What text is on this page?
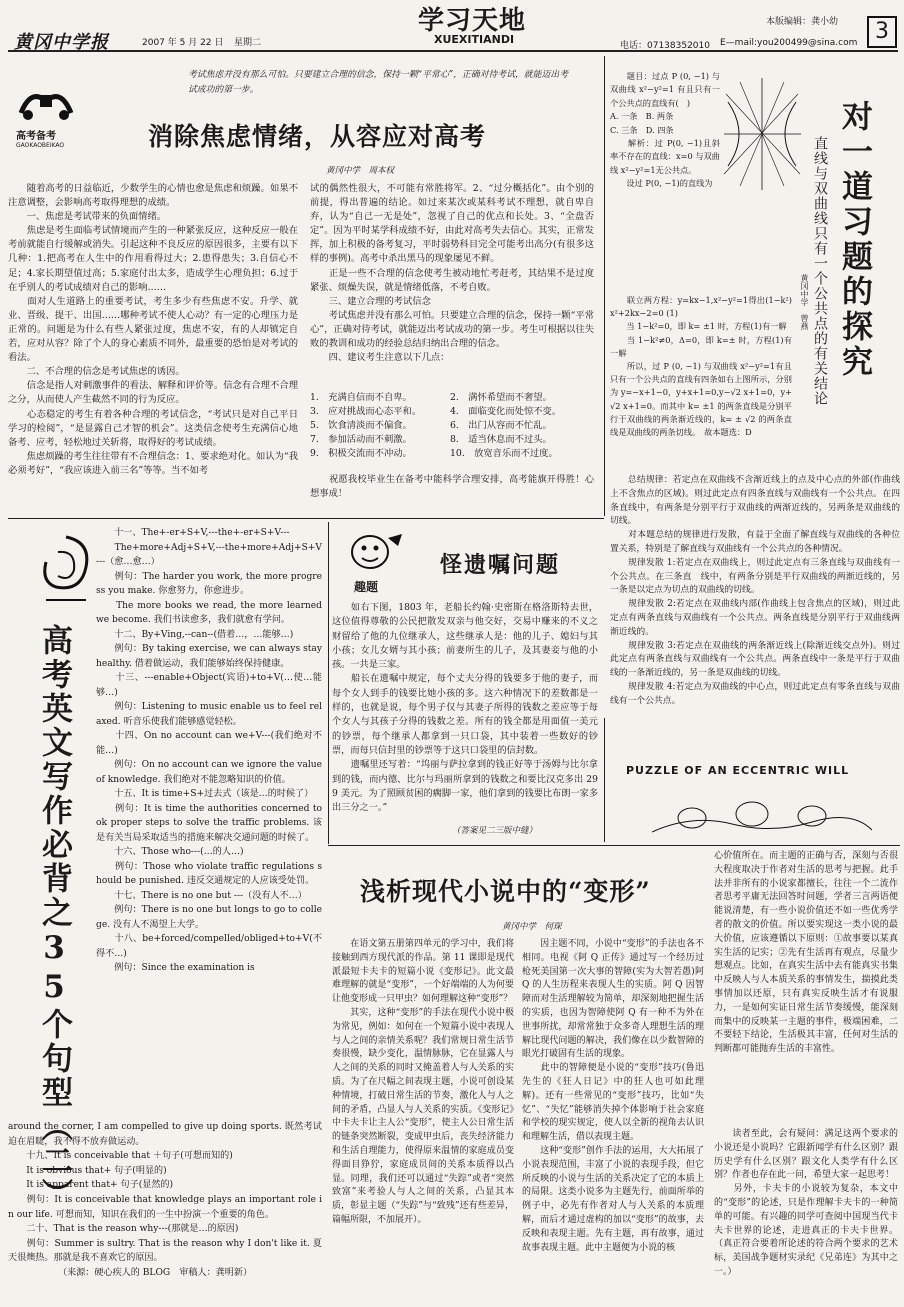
黄冈中学报	2007 年 5 月 22 日 星期二
学习天地
XUEXITIANDI
本版编辑：龚小幼
电话：07138352010 E—mail:you200499@sina.com 3
高考备考
GAOKAOBEIKAO
考试焦虑并没有那么可怕。只要建立合理的信念，保持一颗“平常心”，正确对待考试，就能迈出考试成功的第一步。
消除焦虑情绪，从容应对高考
黄冈中学　周本权
　　随着高考的日益临近，少数学生的心情也愈是焦虑和烦躁。如果不注意调整，会影响高考取得理想的成绩。
　　一、焦虑是考试带来的负面情绪。
　　焦虑是考生面临考试情境而产生的一种紧张反应，这种反应一般在考前就能自行缓解或消失。引起这种不良反应的原因很多，主要有以下几种：1.把高考在人生中的作用看得过大；2.患得患失；3.自信心不足；4.家长期望值过高；5.家庭付出太多，造成学生心理负担；6.过于在乎别人的考试成绩对自己的影响……
　　面对人生道路上的重要考试，考生多少有些焦虑不安。升学、就业、晋级、提干、出国……哪种考试不使人心动？有一定的心理压力是正常的。问题是为什么有些人紧张过度，焦虑不安，有的人却镇定自若，应对从容？除了个人的身心素质不同外，最重要的恐怕是对考试的看法。
　　二、不合理的信念是考试焦虑的诱因。
　　信念是指人对刺激事件的看法、解释和评价等。信念有合理不合理之分，从而使人产生截然不同的行为反应。
　　心态稳定的考生有着各种合理的考试信念，“考试只是对自己平日学习的检阅”，“是显露自己才智的机会”。这类信念使考生充满信心地备考、应考，轻松地过关斩将，取得好的考试成绩。
　　焦虑烦躁的考生往往带有不合理信念：1、要求绝对化。如认为“我必须考好”，“我应该进入前三名”等等。当不如考
试的偶然性很大，不可能有常胜将军。2、“过分概括化”。由个别的前提，得出普遍的结论。如过来某次或某科考试不理想，就自卑自弃，认为“自己一无是处”，忽视了自己的优点和长处。3、“全盘否定”。因为平时某学科成绩不好，由此对高考失去信心。其实，正常发挥，加上积极的备考复习，平时弱势科目完全可能考出高分(有很多这样的事例)。高考中杀出黑马的现象屡见不鲜。
　　正是一些不合理的信念使考生被动地忙考赶考，其结果不是过度紧张、烦燥失误，就是情绪低落，不考自败。
　　三、建立合理的考试信念
　　考试焦虑并没有那么可怕。只要建立合理的信念，保持一颗“平常心”，正确对待考试，就能迈出考试成功的第一步。考生可根据以往失败的教训和成功的经验总结归纳出合理的信念。
　　四、建议考生注意以下几点：
1.　充满自信而不自卑。
3.　应对挑战而心态平和。
5.　饮食清淡而不偏食。
7.　参加活动而不刺激。
9.　积极交流而不冲动。
2.　满怀希望而不奢望。
4.　面临变化而处惊不变。
6.　出门从容而不忙乱。
8.　适当休息而不过头。
10.　放宽音乐而不过度。
　　祝愿我校毕业生在备考中能科学合理安排，高考能旗开得胜！心想事成！
　　题目：过点 P (0, −1) 与双曲线 x²−y²=1 有且只有一个公共点的直线有(　)
A. 一条　B. 两条
C. 三条　D. 四条
　　解析：过 P(0, −1)且斜率不存在的直线：x=0 与双曲线 x²−y²=1无公共点。
　　设过 P(0, −1)的直线为	对一道习题的探究
直线与双曲线只有一个公共点的有关结论
黄冈中学　曾燕
　　联立两方程：y=kx−1,x²−y²=1得出(1−k²)x²+2kx−2=0 (1)
　　当 1−k²=0，即 k= ±1 时，方程(1)有一解
　　当 1−k²≠0，Δ=0，即 k=± 时，方程(1)有一解
　　所以，过 P (0, −1) 与双曲线 x²−y²=1有且只有一个公共点的直线有四条如右上图所示，分别为 y=−x+1−0，y+x+1=0,y−√2 x+1=0，y+√2 x+1=0。而其中 k= ±1 的两条直线是分别平行于双曲线的两条渐近线的，k= ± √2 的两条直线是双曲线的两条切线。　故本题选：D
　　总结规律：若定点在双曲线不含渐近线上的点及中心点的外部(作曲线上不含焦点的区域)。则过此定点有四条直线与双曲线有一个公共点。在四条直线中，有两条是分别平行于双曲线的两渐近线的，另两条是双曲线的切线。
　　对本题总结的规律进行发散，有益于全面了解直线与双曲线的各种位置关系，特别是了解直线与双曲线有一个公共点的各种情况。
　　规律发散 1:若定点在双曲线上，则过此定点有三条直线与双曲线有一个公共点。在三条直　线中，有两条分别是平行双曲线的两渐近线的，另一条是以定点为切点的双曲线的切线。
　　规律发散 2:若定点在双曲线内部(作曲线上包含焦点的区域)，则过此定点有两条直线与双曲线有一个公共点。两条直线是分别平行于双曲线两渐近线的。
　　规律发散 3:若定点在双曲线的两条渐近线上(除渐近线交点外)。则过此定点有两条直线与双曲线有一个公共点。两条直线中一条是平行于双曲线的一条渐近线的，另一条是双曲线的切线。
　　规律发散 4:若定点为双曲线的中心点，则过此定点有零条直线与双曲线有一个公共点。
高考英文写作必背之35个句型（二）
　　十一、The+-er+S+V,---the+-er+S+V---
　　The+more+Adj+S+V,---the+more+Adj+S+V---（愈…愈…）
　　例句：The harder you work, the more progress you make. 你愈努力，你愈进步。
　　The more books we read, the more learned we become. 我们书读愈多，我们就愈有学问。
　　十二、By+Ving,--can--(借着…，…能够…)
　　例句：By taking exercise, we can always stay healthy. 借着做运动，我们能够始终保持健康。
　　十三、---enable+Object(宾语)+to+V(…使…能够…)
　　例句：Listening to music enable us to feel relaxed. 听音乐使我们能够感觉轻松。
　　十四、On no account can we+V---(我们绝对不能…)
　　例句：On no account can we ignore the value of knowledge. 我们绝对不能忽略知识的价值。
　　十五、It is time+S+过去式（该是…的时候了）
　　例句：It is time the authorities concerned took proper steps to solve the traffic problems. 该是有关当局采取适当的措施来解决交通问题的时候了。
　　十六、Those who---(…的人…)
　　例句：Those who violate traffic regulations should be punished. 违反交通规定的人应该受处罚。
　　十七、There is no one but ---（没有人不…）
　　例句：There is no one but longs to go to college. 没有人不渴望上大学。
　　十八、be+forced/compelled/obliged+to+V(不得不…)
　　例句：Since the examination is
around the corner, I am compelled to give up doing sports. 既然考试迫在眉睫，我不得不放弃做运动。
　　十九、It is conceivable that ＋句子(可想而知的)
　　It is obvious that+ 句子(明显的)
　　It is apparent that+ 句子(显然的)
　　例句：It is conceivable that knowledge plays an important role in our life. 可想而知，知识在我们的一生中扮演一个重要的角色。
　　二十、That is the reason why---(那就是…的原因)
　　例句：Summer is sultry. That is the reason why I don't like it. 夏天很燠热。那就是我不喜欢它的原因。
　　　　　　（来源：硬心疾人的 BLOG　审稿人：龚明新）
趣题
怪遗嘱问题
　　如右下图，1803 年，老船长约翰·史密斯在格洛斯特去世，这位值得尊敬的公民把散发双亲与他交好，交易中赚来的不义之财留给了他的九位继承人，这些继承人是：他的儿子、媳妇与其小孩；女儿女婿与其小孩；前妻所生的儿子，及其妻妾与他的小孩。一共是三家。
　　船长在遗嘱中规定，每个丈夫分得的钱要多于他的妻子，而每个女人到手的钱要比她小孩的多。这六种情况下的差数都是一样的，也就是说，每个男子仅与其妻子所得的钱数之差应等于每个女人与其孩子分得的钱数之差。所有的钱全都是用面值一美元的钞票，每个继承人都拿到一只口袋，其中装着一些数好的钞票，而每只信封里的钞票等于这只口袋里的信封数。
　　遗嘱里还写着：“坞丽与萨拉拿到的钱正好等于汤姆与比尔拿到的钱，而内德、比尔与玛丽所拿到的钱数之和要比汉克多出 299 美元。为了照顾贫困的瘸脚一家，他们拿到的钱要比布朗一家多出三分之一。”
（答案见二三版中缝）
PUZZLE OF AN ECCENTRIC WILL
浅析现代小说中的“变形”
黄冈中学　何琛
　　在语文第五册第四单元的学习中，我们将接触到西方现代派的作品。第 11 课即是现代派最短卡夫卡的短篇小说《变形记》。此文最难理解的就是“变形”，一个好端端的人为何要让他变形成一只甲虫？如何理解这种“变形”？
　　其实，这种“变形”的手法在现代小说中极为常见，例如：如何在一个短篇小说中表现人与人之间的亲情关系呢？我们常规日常生活节奏很慢，缺少变化，温情脉脉，它在显露人与人之间的关系的同时又掩盖着人与人关系的实质。为了在尺幅之间表现主题，小说可创设某种情境，打破日常生活的节奏，激化人与人之间的矛盾，凸显人与人关系的实质。《变形记》中卡夫卡让主人公“变形”，使主人公日常生活的链条突然断裂，变成甲虫后，丧失经济能力和生活自理能力，使得原来温情的家庭成员变得面目狰狞，家庭成员间的关系本质得以凸显。同理，我们还可以通过“失踪”或者“突然致富”来考验人与人之间的关系，凸显其本质，彰显主题（“失踪”与“致残”还有些差异，篇幅所限，不加展开）。
　　因主题不同，小说中“变形”的手法也各不相同。电视《阿 Q 正传》通过写一个经历过枪死美国第一次大事的智障(实为大智若愚)阿 Q 的人生历程来表现人生的实质。阿 Q 因智障而对生活理解较为简单，却深刻地把握生活的实质，也因为智障使阿 Q 有一种不为外在世事所扰，却常常独于众多奇人理想生活的理解比现代问题的解决，我们像在以少数智障的眼光打破固有生活的现象。
　　此中的智障便是小说的“变形”技巧(鲁迅先生的《狂人日记》中的狂人也可如此理解)。还有一些常见的“变形”技巧，比如“失忆”、“失忆”能够消失掉个体影响于社会家庭和学校的现实规定，使人以全新的视角去认识和理解生活，借以表现主题。
　　这种“变形”创作手法的运用，大大拓展了小说表现范围，丰富了小说的表现手段，但它所反映的小说与生活的关系决定了它的本质上的局限。这类小说多为主题先行，前面所举的例子中，必先有作者对人与人关系的本质理解，而后才通过虚构的加以“变形”的故事，去反映和表现主题。先有主题，再有故事，通过故事表现主题。此中主题便为小说的核
心价值所在。而主题的正确与否，深刻与否很大程度取决于作者对生活的思考与把握。此手法并非所有的小说家都擅长，往往一个二流作者思考平庸无法回答时问题，学者三言两语便能说清楚，有一些小说价值还不如一些优秀学者的散文的价值。所以要实现这一类小说的最大价值，应该遵循以下原则：①故事要以某真实生活的记实；②先有生活再有观点，尽量少想观点。比如，在真实生活中去有能真实书集中反映人与人本质关系的事情发生，揣摸此类事情加以还原，只有真实反映生活才有说服力，一是如何实证日常生活节奏缓慢，能深刻而集中的反映某一主题的事件，极端困难，二不要轻下结论，生活极其丰富，任何对生活的判断都可能抛弃生活的丰富性。
　　读者至此，会有疑问：满足这两个要求的小说还是小说吗？它跟新闻学有什么区别？跟历史学有什么区别？跟文化人类学有什么区别？作者也存在此一问，希望大家一起思考！
　　另外，卡夫卡的小说较为复杂，本文中的“变形”的论述，只是作理解卡夫卡的一种简单的可能。有兴趣的同学可查阅中国现当代卡夫卡世界的论述，走进真正的卡夫卡世界。（真正符合要着所论述的符合两个要求的艺术标，美国战争题材实录纪《兄弟连》为其中之一。）
